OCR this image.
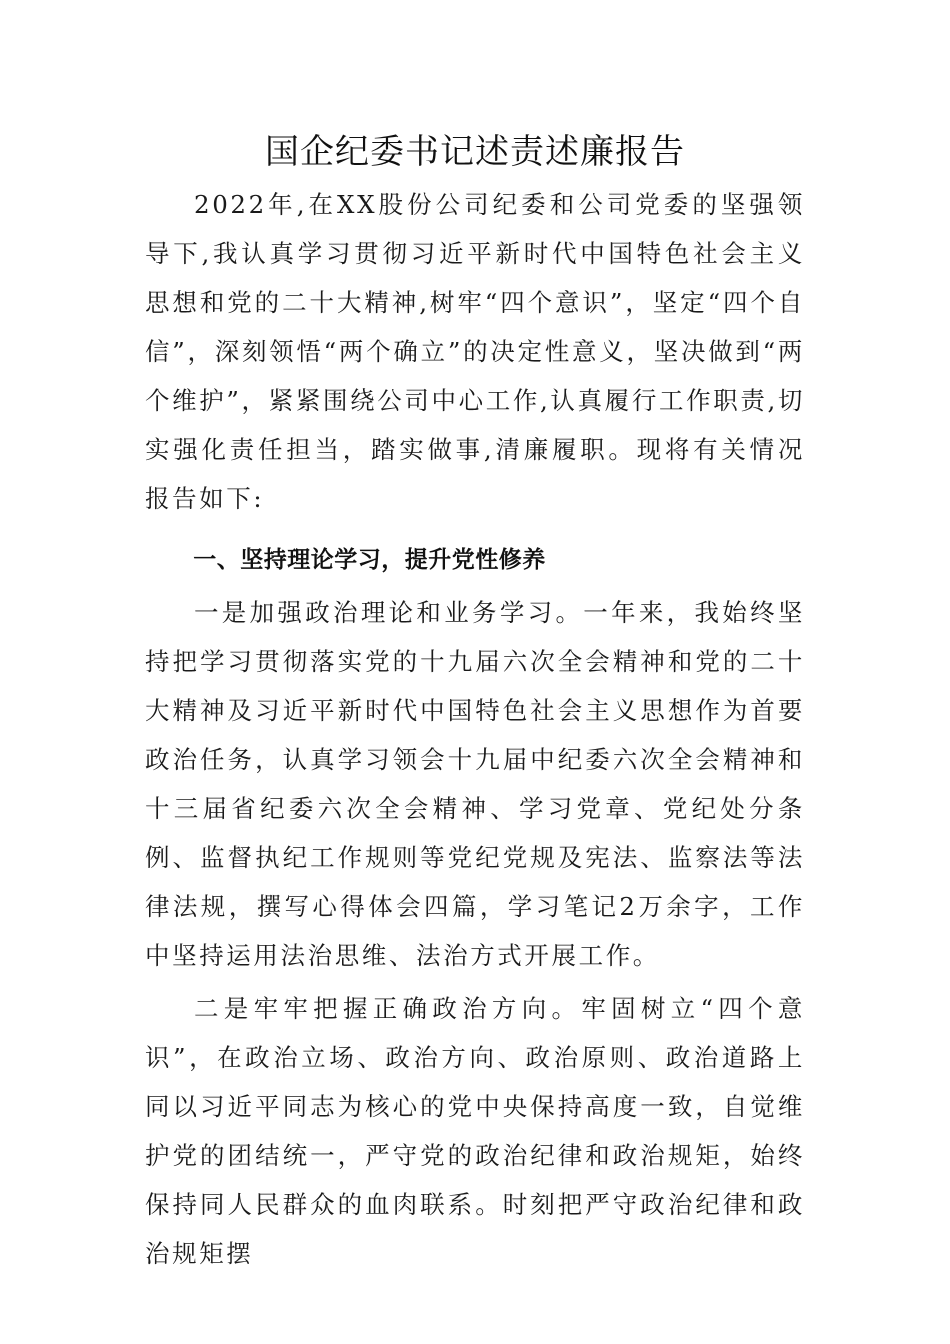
国企纪委书记述责述廉报告

2022年,在XX股份公司纪委和公司党委的坚强领导下,我认真学习贯彻习近平新时代中国特色社会主义思想和党的二十大精神,树牢“四个意识”，坚定“四个自信”，深刻领悟“两个确立”的决定性意义，坚决做到“两个维护”，紧紧围绕公司中心工作,认真履行工作职责,切实强化责任担当，踏实做事,清廉履职。现将有关情况报告如下:

一、坚持理论学习，提升党性修养

一是加强政治理论和业务学习。一年来，我始终坚持把学习贯彻落实党的十九届六次全会精神和党的二十大精神及习近平新时代中国特色社会主义思想作为首要政治任务，认真学习领会十九届中纪委六次全会精神和十三届省纪委六次全会精神、学习党章、党纪处分条例、监督执纪工作规则等党纪党规及宪法、监察法等法律法规，撰写心得体会四篇，学习笔记2万余字，工作中坚持运用法治思维、法治方式开展工作。

二是牢牢把握正确政治方向。牢固树立“四个意识”，在政治立场、政治方向、政治原则、政治道路上同以习近平同志为核心的党中央保持高度一致，自觉维护党的团结统一，严守党的政治纪律和政治规矩，始终保持同人民群众的血肉联系。时刻把严守政治纪律和政治规矩摆
